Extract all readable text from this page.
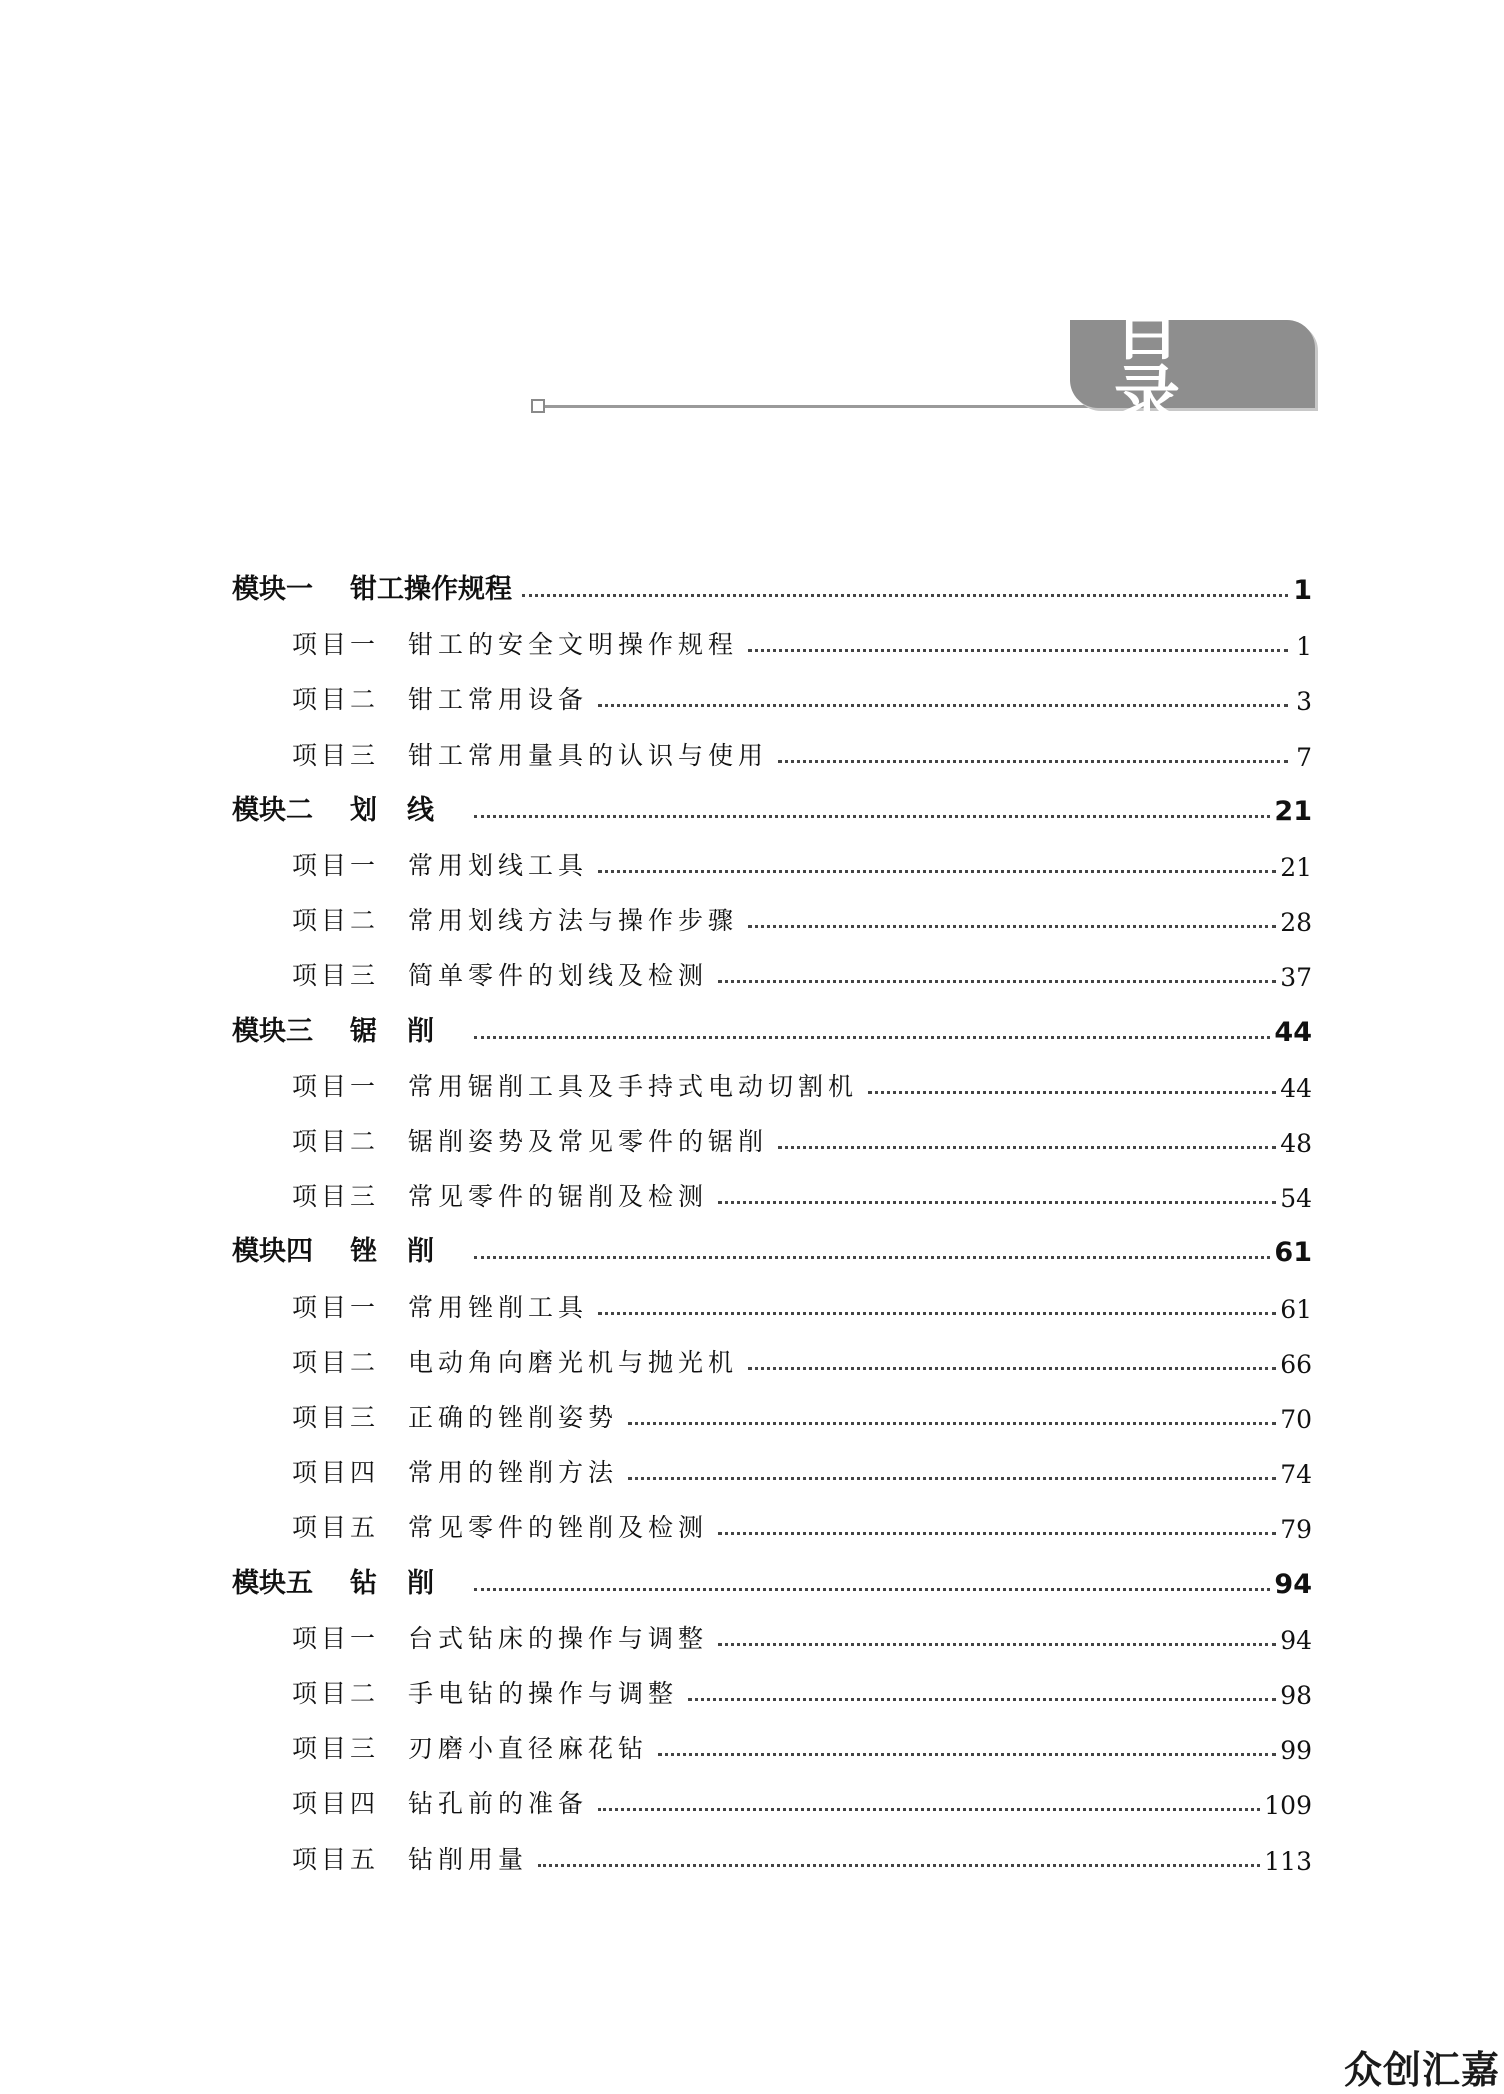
目 录
模块一	钳工操作规程	1
项目一	钳工的安全文明操作规程	1
项目二	钳工常用设备	3
项目三	钳工常用量具的认识与使用	7
模块二	划线	21
项目一	常用划线工具	21
项目二	常用划线方法与操作步骤	28
项目三	简单零件的划线及检测	37
模块三	锯削	44
项目一	常用锯削工具及手持式电动切割机	44
项目二	锯削姿势及常见零件的锯削	48
项目三	常见零件的锯削及检测	54
模块四	锉削	61
项目一	常用锉削工具	61
项目二	电动角向磨光机与抛光机	66
项目三	正确的锉削姿势	70
项目四	常用的锉削方法	74
项目五	常见零件的锉削及检测	79
模块五	钻削	94
项目一	台式钻床的操作与调整	94
项目二	手电钻的操作与调整	98
项目三	刃磨小直径麻花钻	99
项目四	钻孔前的准备	109
项目五	钻削用量	113
众创汇嘉
